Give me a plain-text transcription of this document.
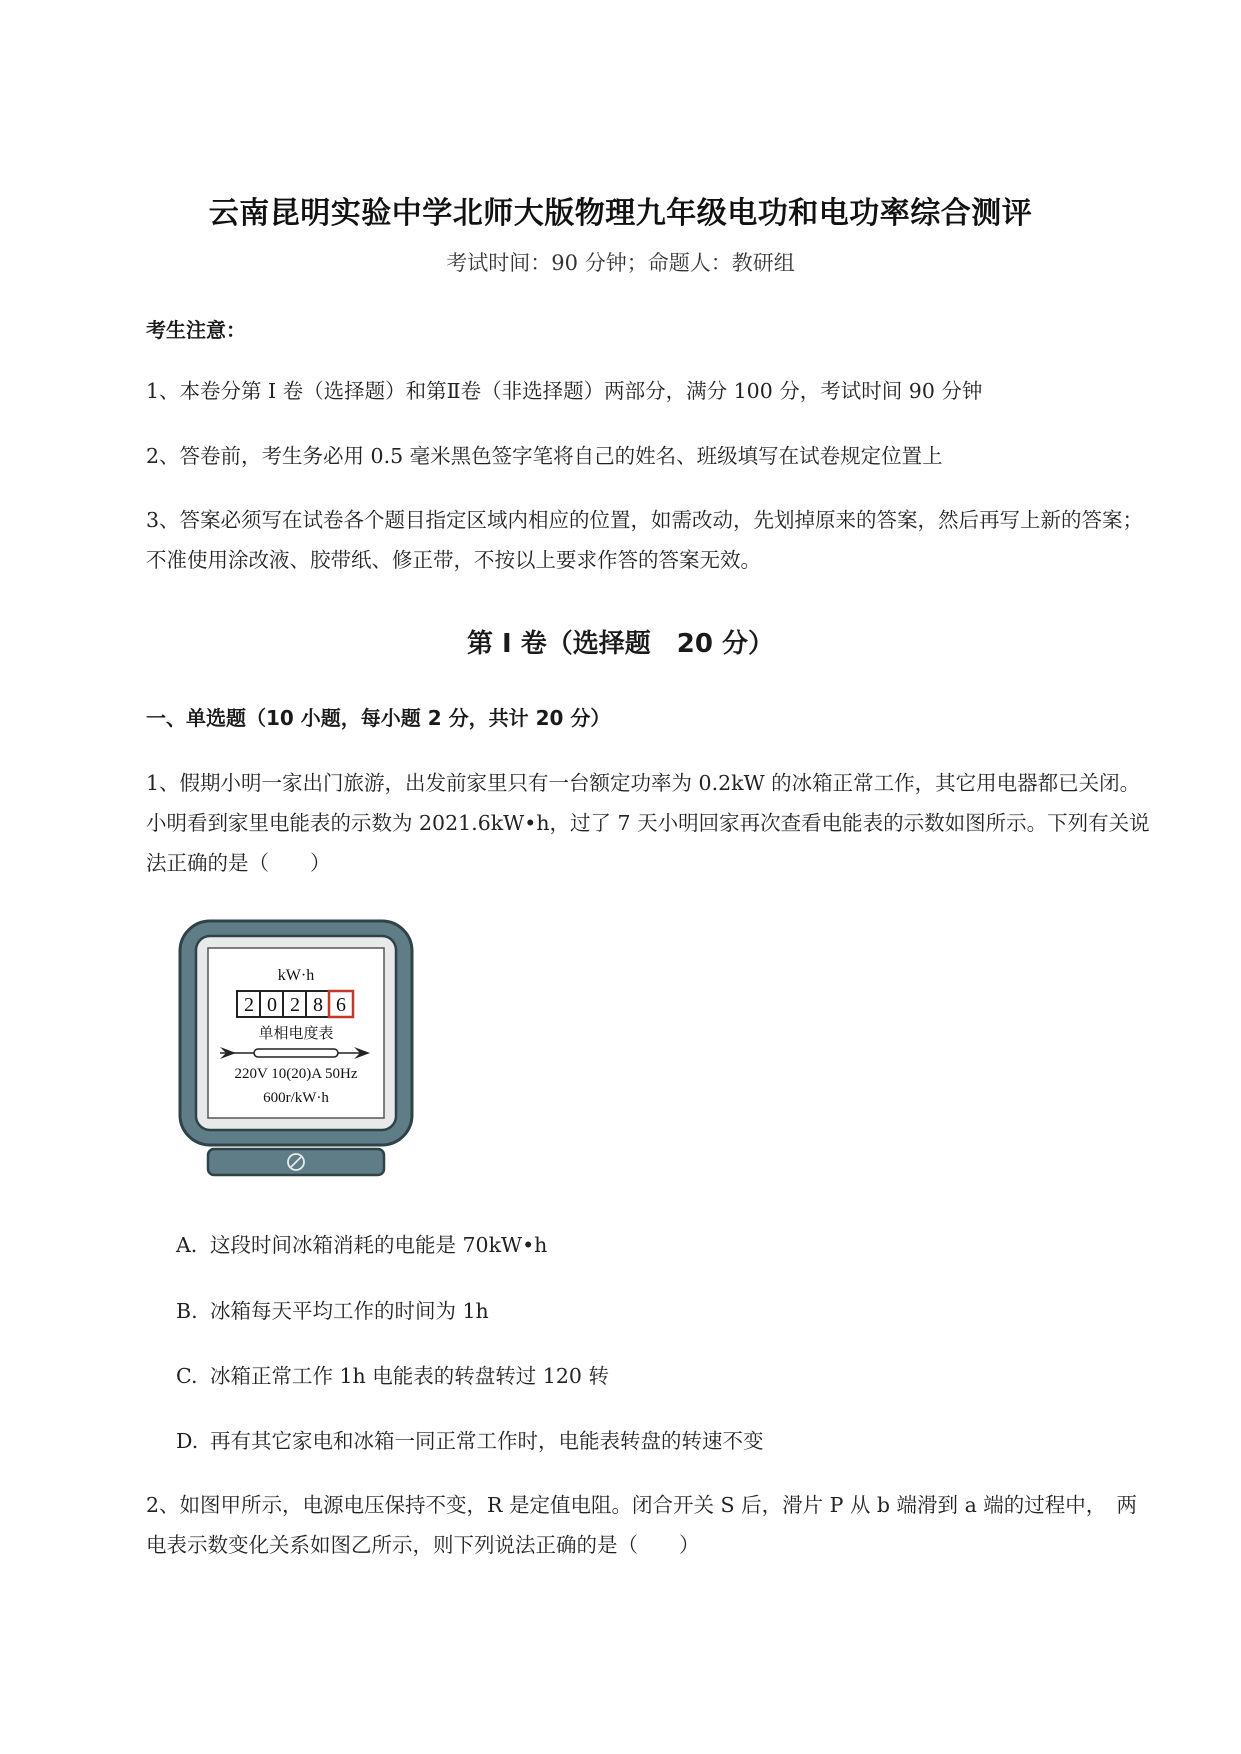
云南昆明实验中学北师大版物理九年级电功和电功率综合测评
考试时间：90 分钟；命题人：教研组
考生注意：
1、本卷分第 I 卷（选择题）和第Ⅱ卷（非选择题）两部分，满分 100 分，考试时间 90 分钟
2、答卷前，考生务必用 0.5 毫米黑色签字笔将自己的姓名、班级填写在试卷规定位置上
3、答案必须写在试卷各个题目指定区域内相应的位置，如需改动，先划掉原来的答案，然后再写上新的答案；不准使用涂改液、胶带纸、修正带，不按以上要求作答的答案无效。
第 I 卷（选择题　20 分）
一、单选题（10 小题，每小题 2 分，共计 20 分）
1、假期小明一家出门旅游，出发前家里只有一台额定功率为 0.2kW 的冰箱正常工作，其它用电器都已关闭。小明看到家里电能表的示数为 2021.6kW•h，过了 7 天小明回家再次查看电能表的示数如图所示。下列有关说法正确的是（　　）
kW·h
2 0 2 8 6
单相电度表
220V 10(20)A 50Hz
600r/kW·h
A. 这段时间冰箱消耗的电能是 70kW•h
B. 冰箱每天平均工作的时间为 1h
C. 冰箱正常工作 1h 电能表的转盘转过 120 转
D. 再有其它家电和冰箱一同正常工作时，电能表转盘的转速不变
2、如图甲所示，电源电压保持不变，R 是定值电阻。闭合开关 S 后，滑片 P 从 b 端滑到 a 端的过程中，　两电表示数变化关系如图乙所示，则下列说法正确的是（　　）
